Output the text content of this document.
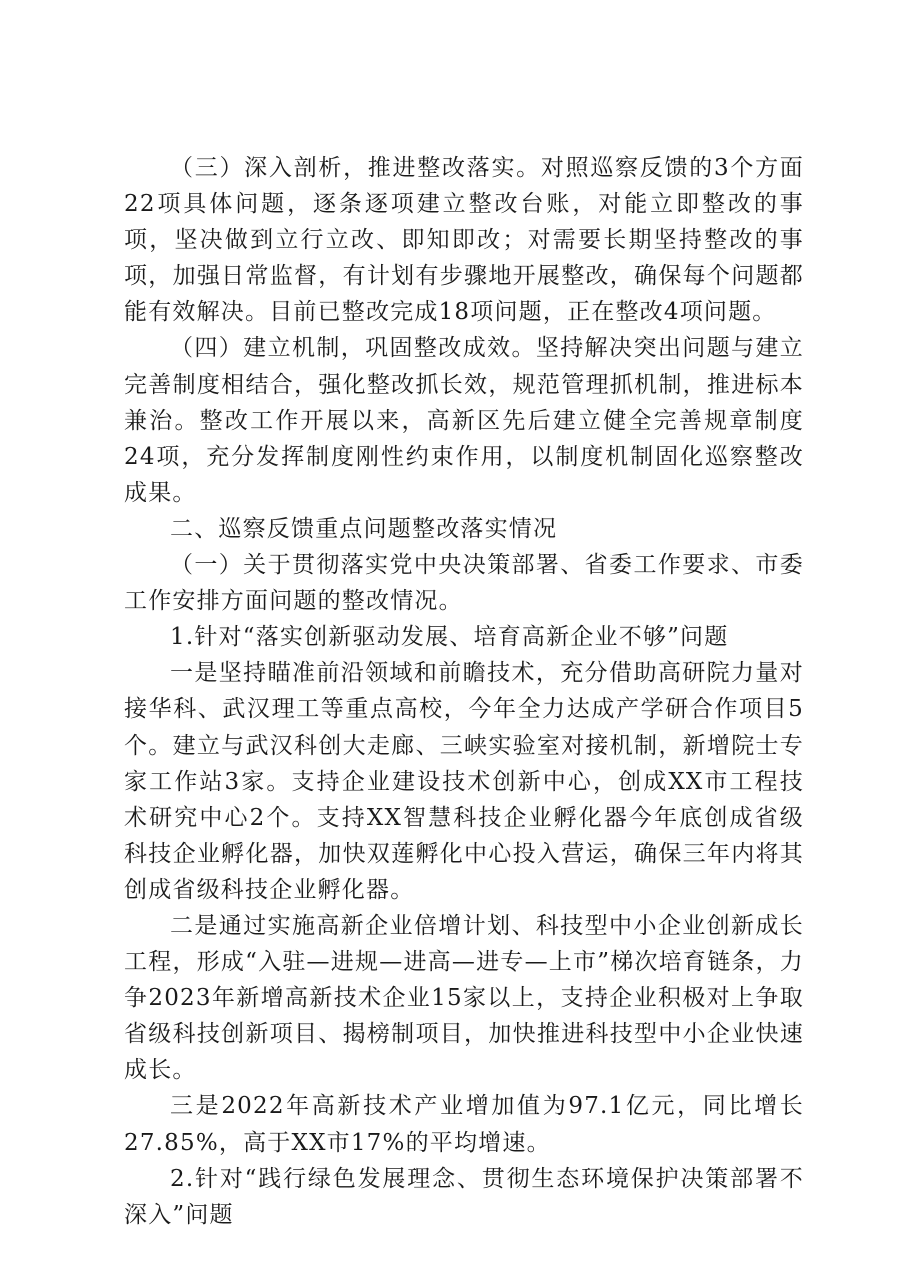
（三）深入剖析，推进整改落实。对照巡察反馈的3个方面22项具体问题，逐条逐项建立整改台账，对能立即整改的事项，坚决做到立行立改、即知即改；对需要长期坚持整改的事项，加强日常监督，有计划有步骤地开展整改，确保每个问题都能有效解决。目前已整改完成18项问题，正在整改4项问题。

（四）建立机制，巩固整改成效。坚持解决突出问题与建立完善制度相结合，强化整改抓长效，规范管理抓机制，推进标本兼治。整改工作开展以来，高新区先后建立健全完善规章制度24项，充分发挥制度刚性约束作用，以制度机制固化巡察整改成果。

二、巡察反馈重点问题整改落实情况

（一）关于贯彻落实党中央决策部署、省委工作要求、市委工作安排方面问题的整改情况。

1.针对“落实创新驱动发展、培育高新企业不够”问题

一是坚持瞄准前沿领域和前瞻技术，充分借助高研院力量对接华科、武汉理工等重点高校，今年全力达成产学研合作项目5个。建立与武汉科创大走廊、三峡实验室对接机制，新增院士专家工作站3家。支持企业建设技术创新中心，创成XX市工程技术研究中心2个。支持XX智慧科技企业孵化器今年底创成省级科技企业孵化器，加快双莲孵化中心投入营运，确保三年内将其创成省级科技企业孵化器。

二是通过实施高新企业倍增计划、科技型中小企业创新成长工程，形成“入驻—进规—进高—进专—上市”梯次培育链条，力争2023年新增高新技术企业15家以上，支持企业积极对上争取省级科技创新项目、揭榜制项目，加快推进科技型中小企业快速成长。

三是2022年高新技术产业增加值为97.1亿元，同比增长27.85%，高于XX市17%的平均增速。

2.针对“践行绿色发展理念、贯彻生态环境保护决策部署不深入”问题
